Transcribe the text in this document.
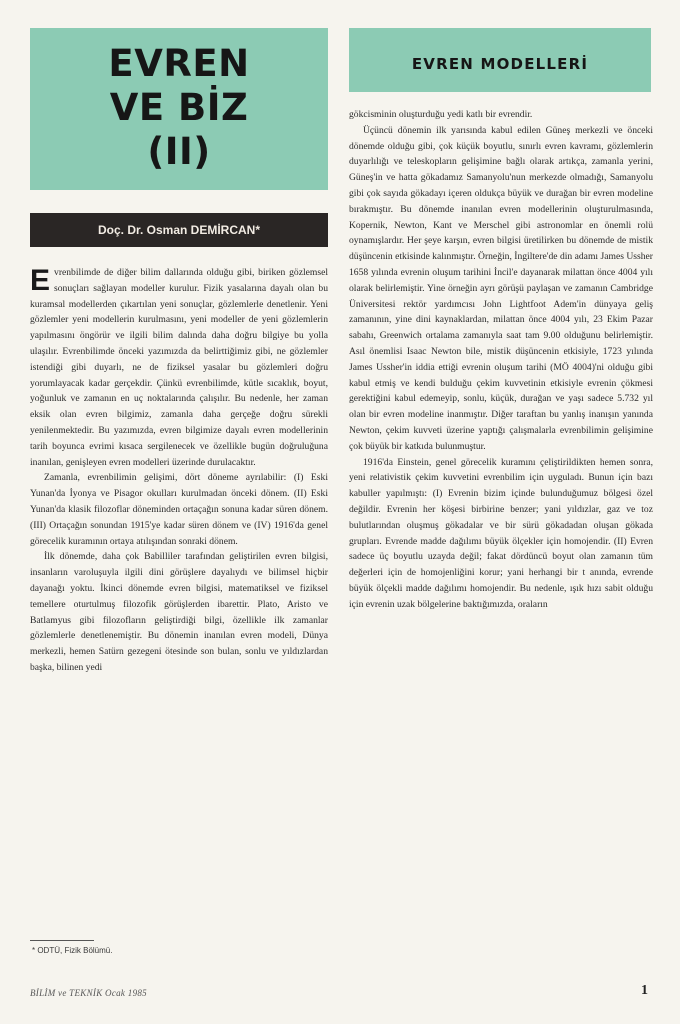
EVREN
VE BİZ
(II)
Doç. Dr. Osman DEMİRCAN*
EVREN MODELLERİ

Evrenbilimde de diğer bilim dallarında olduğu gibi, biriken gözlemsel sonuçları sağlayan modeller kurulur. Fizik yasalarına dayalı olan bu kuramsal modellerden çıkartılan yeni sonuçlar, gözlemlerle denetlenir. Yeni gözlemler yeni modellerin kurulmasını, yeni modeller de yeni gözlemlerin yapılmasını öngörür ve ilgili bilim dalında daha doğru bilgiye bu yolla ulaşılır. Evrenbilimde önceki yazımızda da belirttiğimiz gibi, ne gözlemler istendiği gibi duyarlı, ne de fiziksel yasalar bu gözlemleri doğru yorumlayacak kadar gerçekdir. Çünkü evrenbilimde, kütle sıcaklık, boyut, yoğunluk ve zamanın en uç noktalarında çalışılır. Bu nedenle, her zaman eksik olan evren bilgimiz, zamanla daha gerçeğe doğru sürekli yenilenmektedir. Bu yazımızda, evren bilgimize dayalı evren modellerinin tarih boyunca evrimi kısaca sergilenecek ve özellikle bugün doğruluğuna inanılan, genişleyen evren modelleri üzerinde durulacaktır.

Zamanla, evrenbilimin gelişimi, dört döneme ayrılabilir: (I) Eski Yunan'da İyonya ve Pisagor okulları kurulmadan önceki dönem. (II) Eski Yunan'da klasik filozoflar döneminden ortaçağın sonuna kadar süren dönem. (III) Ortaçağın sonundan 1915'ye kadar süren dönem ve (IV) 1916'da genel görecelik kuramının ortaya atılışından sonraki dönem.

İlk dönemde, daha çok Babilliler tarafından geliştirilen evren bilgisi, insanların varoluşuyla ilgili dini görüşlere dayalıydı ve bilimsel hiçbir dayanağı yoktu. İkinci dönemde evren bilgisi, matematiksel ve fiziksel temellere oturtulmuş filozofik görüşlerden ibarettir. Plato, Aristo ve Batlamyus gibi filozofların geliştirdiği bilgi, özellikle ilk zamanlar gözlemlerle denetlenemiştir. Bu dönemin inanılan evren modeli, Dünya merkezli, hemen Satürn gezegeni ötesinde son bulan, sonlu ve yıldızlardan başka, bilinen yedi

gökcisminin oluşturduğu yedi katlı bir evrendir.

Üçüncü dönemin ilk yarısında kabul edilen Güneş merkezli ve önceki dönemde olduğu gibi, çok küçük boyutlu, sınırlı evren kavramı, gözlemlerin duyarlılığı ve teleskopların gelişimine bağlı olarak artıkça, zamanla yerini, Güneş'in ve hatta gökadamız Samanyolu'nun merkezde olmadığı, Samanyolu gibi çok sayıda gökadayı içeren oldukça büyük ve durağan bir evren modeline bırakmıştır. Bu dönemde inanılan evren modellerinin oluşturulmasında, Kopernik, Newton, Kant ve Merschel gibi astronomlar en önemli rolü oynamışlardır. Her şeye karşın, evren bilgisi üretilirken bu dönemde de mistik düşüncenin etkisinde kalınmıştır. Örneğin, İngiltere'de din adamı James Ussher 1658 yılında evrenin oluşum tarihini İncil'e dayanarak milattan önce 4004 yılı olarak belirlemiştir. Yine örneğin ayrı görüşü paylaşan ve zamanın Cambridge Üniversitesi rektör yardımcısı John Lightfoot Adem'in dünyaya geliş zamanının, yine dini kaynaklardan, milattan önce 4004 yılı, 23 Ekim Pazar sabahı, Greenwich ortalama zamanıyla saat tam 9.00 olduğunu belirlemiştir. Asıl önemlisi Isaac Newton bile, mistik düşüncenin etkisiyle, 1723 yılında James Ussher'in iddia ettiği evrenin oluşum tarihi (MÖ 4004)'ni olduğu gibi kabul etmiş ve kendi bulduğu çekim kuvvetinin etkisiyle evrenin çökmesi gerektiğini kabul edemeyip, sonlu, küçük, durağan ve yaşı sadece 5.732 yıl olan bir evren modeline inanmıştır. Diğer taraftan bu yanlış inanışın yanında Newton, çekim kuvveti üzerine yaptığı çalışmalarla evrenbilimin gelişimine çok büyük bir katkıda bulunmuştur.

1916'da Einstein, genel görecelik kuramını çeliştirildikten hemen sonra, yeni relativistik çekim kuvvetini evrenbilim için uyguladı. Bunun için bazı kabuller yapılmıştı: (I) Evrenin bizim içinde bulunduğumuz bölgesi özel değildir. Evrenin her köşesi birbirine benzer; yani yıldızlar, gaz ve toz bulutlarından oluşmuş gökadalar ve bir sürü gökadadan oluşan gökada grupları. Evrende madde dağılımı büyük ölçekler için homojendir. (II) Evren sadece üç boyutlu uzayda değil; fakat dördüncü boyut olan zamanın tüm değerleri için de homojenliğini korur; yani herhangi bir t anında, evrende büyük ölçekli madde dağılımı homojendir. Bu nedenle, ışık hızı sabit olduğu için evrenin uzak bölgelerine baktığımızda, oraların

* ODTÜ, Fizik Bölümü.
BİLİM ve TEKNİK Ocak 1985	1
